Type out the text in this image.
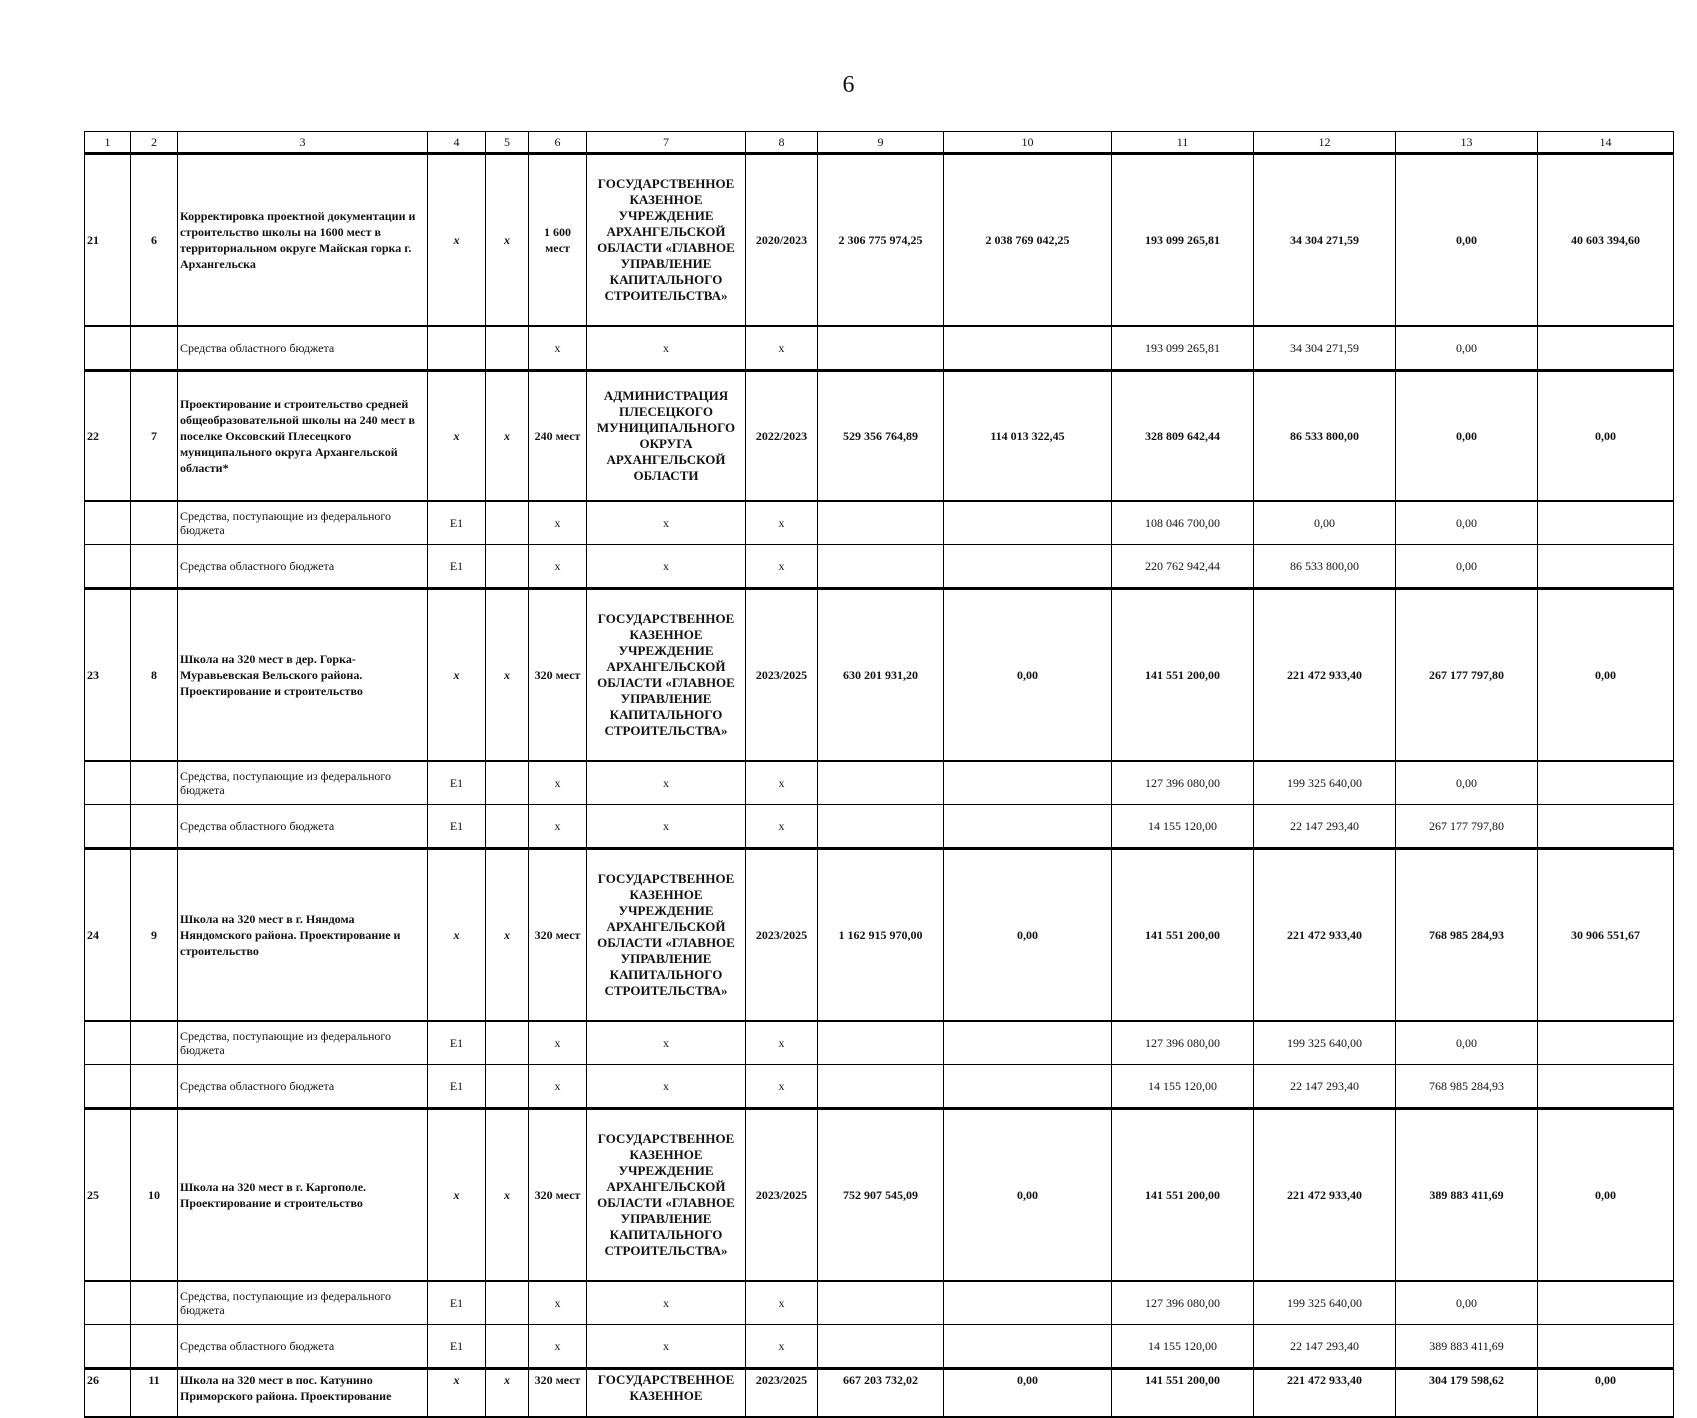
6
1	2	3	4	5	6	7	8	9	10	11	12	13	14
21	6	Корректировка проектной документации и строительство школы на 1600 мест в территориальном округе Майская горка г. Архангельска	x	x	1 600 мест	ГОСУДАРСТВЕННОЕ КАЗЕННОЕ УЧРЕЖДЕНИЕ АРХАНГЕЛЬСКОЙ ОБЛАСТИ «ГЛАВНОЕ УПРАВЛЕНИЕ КАПИТАЛЬНОГО СТРОИТЕЛЬСТВА»	2020/2023	2 306 775 974,25	2 038 769 042,25	193 099 265,81	34 304 271,59	0,00	40 603 394,60
		Средства областного бюджета			x	x	x			193 099 265,81	34 304 271,59	0,00	
22	7	Проектирование и строительство средней общеобразовательной школы на 240 мест в поселке Оксовский Плесецкого муниципального округа Архангельской области*	x	x	240 мест	АДМИНИСТРАЦИЯ ПЛЕСЕЦКОГО МУНИЦИПАЛЬНОГО ОКРУГА АРХАНГЕЛЬСКОЙ ОБЛАСТИ	2022/2023	529 356 764,89	114 013 322,45	328 809 642,44	86 533 800,00	0,00	0,00
		Средства, поступающие из федерального бюджета	E1		x	x	x			108 046 700,00	0,00	0,00	
		Средства областного бюджета	E1		x	x	x			220 762 942,44	86 533 800,00	0,00	
23	8	Школа на 320 мест в дер. Горка-Муравьевская Вельского района. Проектирование и строительство	x	x	320 мест	ГОСУДАРСТВЕННОЕ КАЗЕННОЕ УЧРЕЖДЕНИЕ АРХАНГЕЛЬСКОЙ ОБЛАСТИ «ГЛАВНОЕ УПРАВЛЕНИЕ КАПИТАЛЬНОГО СТРОИТЕЛЬСТВА»	2023/2025	630 201 931,20	0,00	141 551 200,00	221 472 933,40	267 177 797,80	0,00
		Средства, поступающие из федерального бюджета	E1		x	x	x			127 396 080,00	199 325 640,00	0,00	
		Средства областного бюджета	E1		x	x	x			14 155 120,00	22 147 293,40	267 177 797,80	
24	9	Школа на 320 мест в г. Няндома Няндомского района. Проектирование и строительство	x	x	320 мест	ГОСУДАРСТВЕННОЕ КАЗЕННОЕ УЧРЕЖДЕНИЕ АРХАНГЕЛЬСКОЙ ОБЛАСТИ «ГЛАВНОЕ УПРАВЛЕНИЕ КАПИТАЛЬНОГО СТРОИТЕЛЬСТВА»	2023/2025	1 162 915 970,00	0,00	141 551 200,00	221 472 933,40	768 985 284,93	30 906 551,67
		Средства, поступающие из федерального бюджета	E1		x	x	x			127 396 080,00	199 325 640,00	0,00	
		Средства областного бюджета	E1		x	x	x			14 155 120,00	22 147 293,40	768 985 284,93	
25	10	Школа на 320 мест в г. Каргополе. Проектирование и строительство	x	x	320 мест	ГОСУДАРСТВЕННОЕ КАЗЕННОЕ УЧРЕЖДЕНИЕ АРХАНГЕЛЬСКОЙ ОБЛАСТИ «ГЛАВНОЕ УПРАВЛЕНИЕ КАПИТАЛЬНОГО СТРОИТЕЛЬСТВА»	2023/2025	752 907 545,09	0,00	141 551 200,00	221 472 933,40	389 883 411,69	0,00
		Средства, поступающие из федерального бюджета	E1		x	x	x			127 396 080,00	199 325 640,00	0,00	
		Средства областного бюджета	E1		x	x	x			14 155 120,00	22 147 293,40	389 883 411,69	
26	11	Школа на 320 мест в пос. Катунино Приморского района. Проектирование	x	x	320 мест	ГОСУДАРСТВЕННОЕ КАЗЕННОЕ	2023/2025	667 203 732,02	0,00	141 551 200,00	221 472 933,40	304 179 598,62	0,00
